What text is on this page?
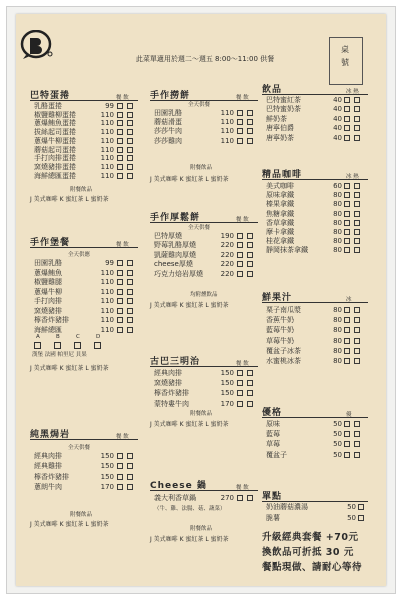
此菜單適用於週二～週五 8:00～11:00 供餐
桌
號
巴特蛋捲	餐 飲
乳酪蛋捲	99
椒鹽雞柳蛋捲	110
蔥爆鮪魚蛋捲	110
拔絲起司蛋捲	110
蔥爆牛柳蛋捲	110
蘑菇起司蛋捲	110
手打肉排蛋捲	110
窯燒豬排蛋捲	110
海鮮總匯蛋捲	110
附餐飲品
J 美式咖啡 K 蜜紅茶 L 蜜奶茶
手作堡餐	餐 飲
全天供應
田園乳酪	99
蔥爆鮪魚	110
椒鹽雞腿	110
蔥爆牛柳	110
手打肉排	110
窯燒豬排	110
檸香炸豬排	110
海鮮總匯	110
A	B	C	D
漢堡 法國 帕里尼 貝果
J 美式咖啡 K 蜜紅茶 L 蜜奶茶
純黑焗岩	餐 飲
全天供餐
經典肉排	150
經典雞排	150
檸香炸豬排	150
蔥朗牛肉	170
附餐飲品
J 美式咖啡 K 蜜紅茶 L 蜜奶茶
手作撈餅	餐 飲
全天供餐
田園乳酪	110
蘑菇滑蛋	110
莎莎牛肉	110
莎莎雞肉	110
附餐飲品
J 美式咖啡 K 蜜紅茶 L 蜜奶茶
手作厚鬆餅	餐 飲
全天供餐
巴特厚燒	190
野莓乳酪厚燒	220
凱薩雞肉厚燒	220
cheese厚燒	220
巧克力焙岩厚燒	220
均附燻飲品
J 美式咖啡 K 蜜紅茶 L 蜜奶茶
古巴三明治	餐 飲
經典肉排	150
窯燒豬排	150
檸香炸豬排	150
蒙特婁牛肉	170
附餐飲品
J 美式咖啡 K 蜜紅茶 L 蜜奶茶
Cheese 鍋	餐 飲
義大利香草鍋	270
（牛、雞、法腸、菇、蔬菜）
附餐飲品
J 美式咖啡 K 蜜紅茶 L 蜜奶茶
飲品	冰 熱
巴特蜜紅茶	40
巴特蜜奶茶	40
鮮奶茶	40
唐寧伯爵	40
唐寧奶茶	40
精品咖啡	冰 熱
美式咖啡	60
原味拿鐵	80
榛果拿鐵	80
焦糖拿鐵	80
香草拿鐵	80
摩卡拿鐵	80
桂花拿鐵	80
靜岡抹茶拿鐵	80
鮮果汁	冰
栗子南瓜漿	80
香蕉牛奶	80
藍莓牛奶	80
草莓牛奶	80
覆盆子冰茶	80
水蜜桃冰茶	80
優格	優
原味	50
藍莓	50
草莓	50
覆盆子	50
單點
奶油蘑菇濃湯	50
脆薯	50
升級經典套餐 +70元
換飲品可折抵 30 元
餐點現做、請耐心等待
